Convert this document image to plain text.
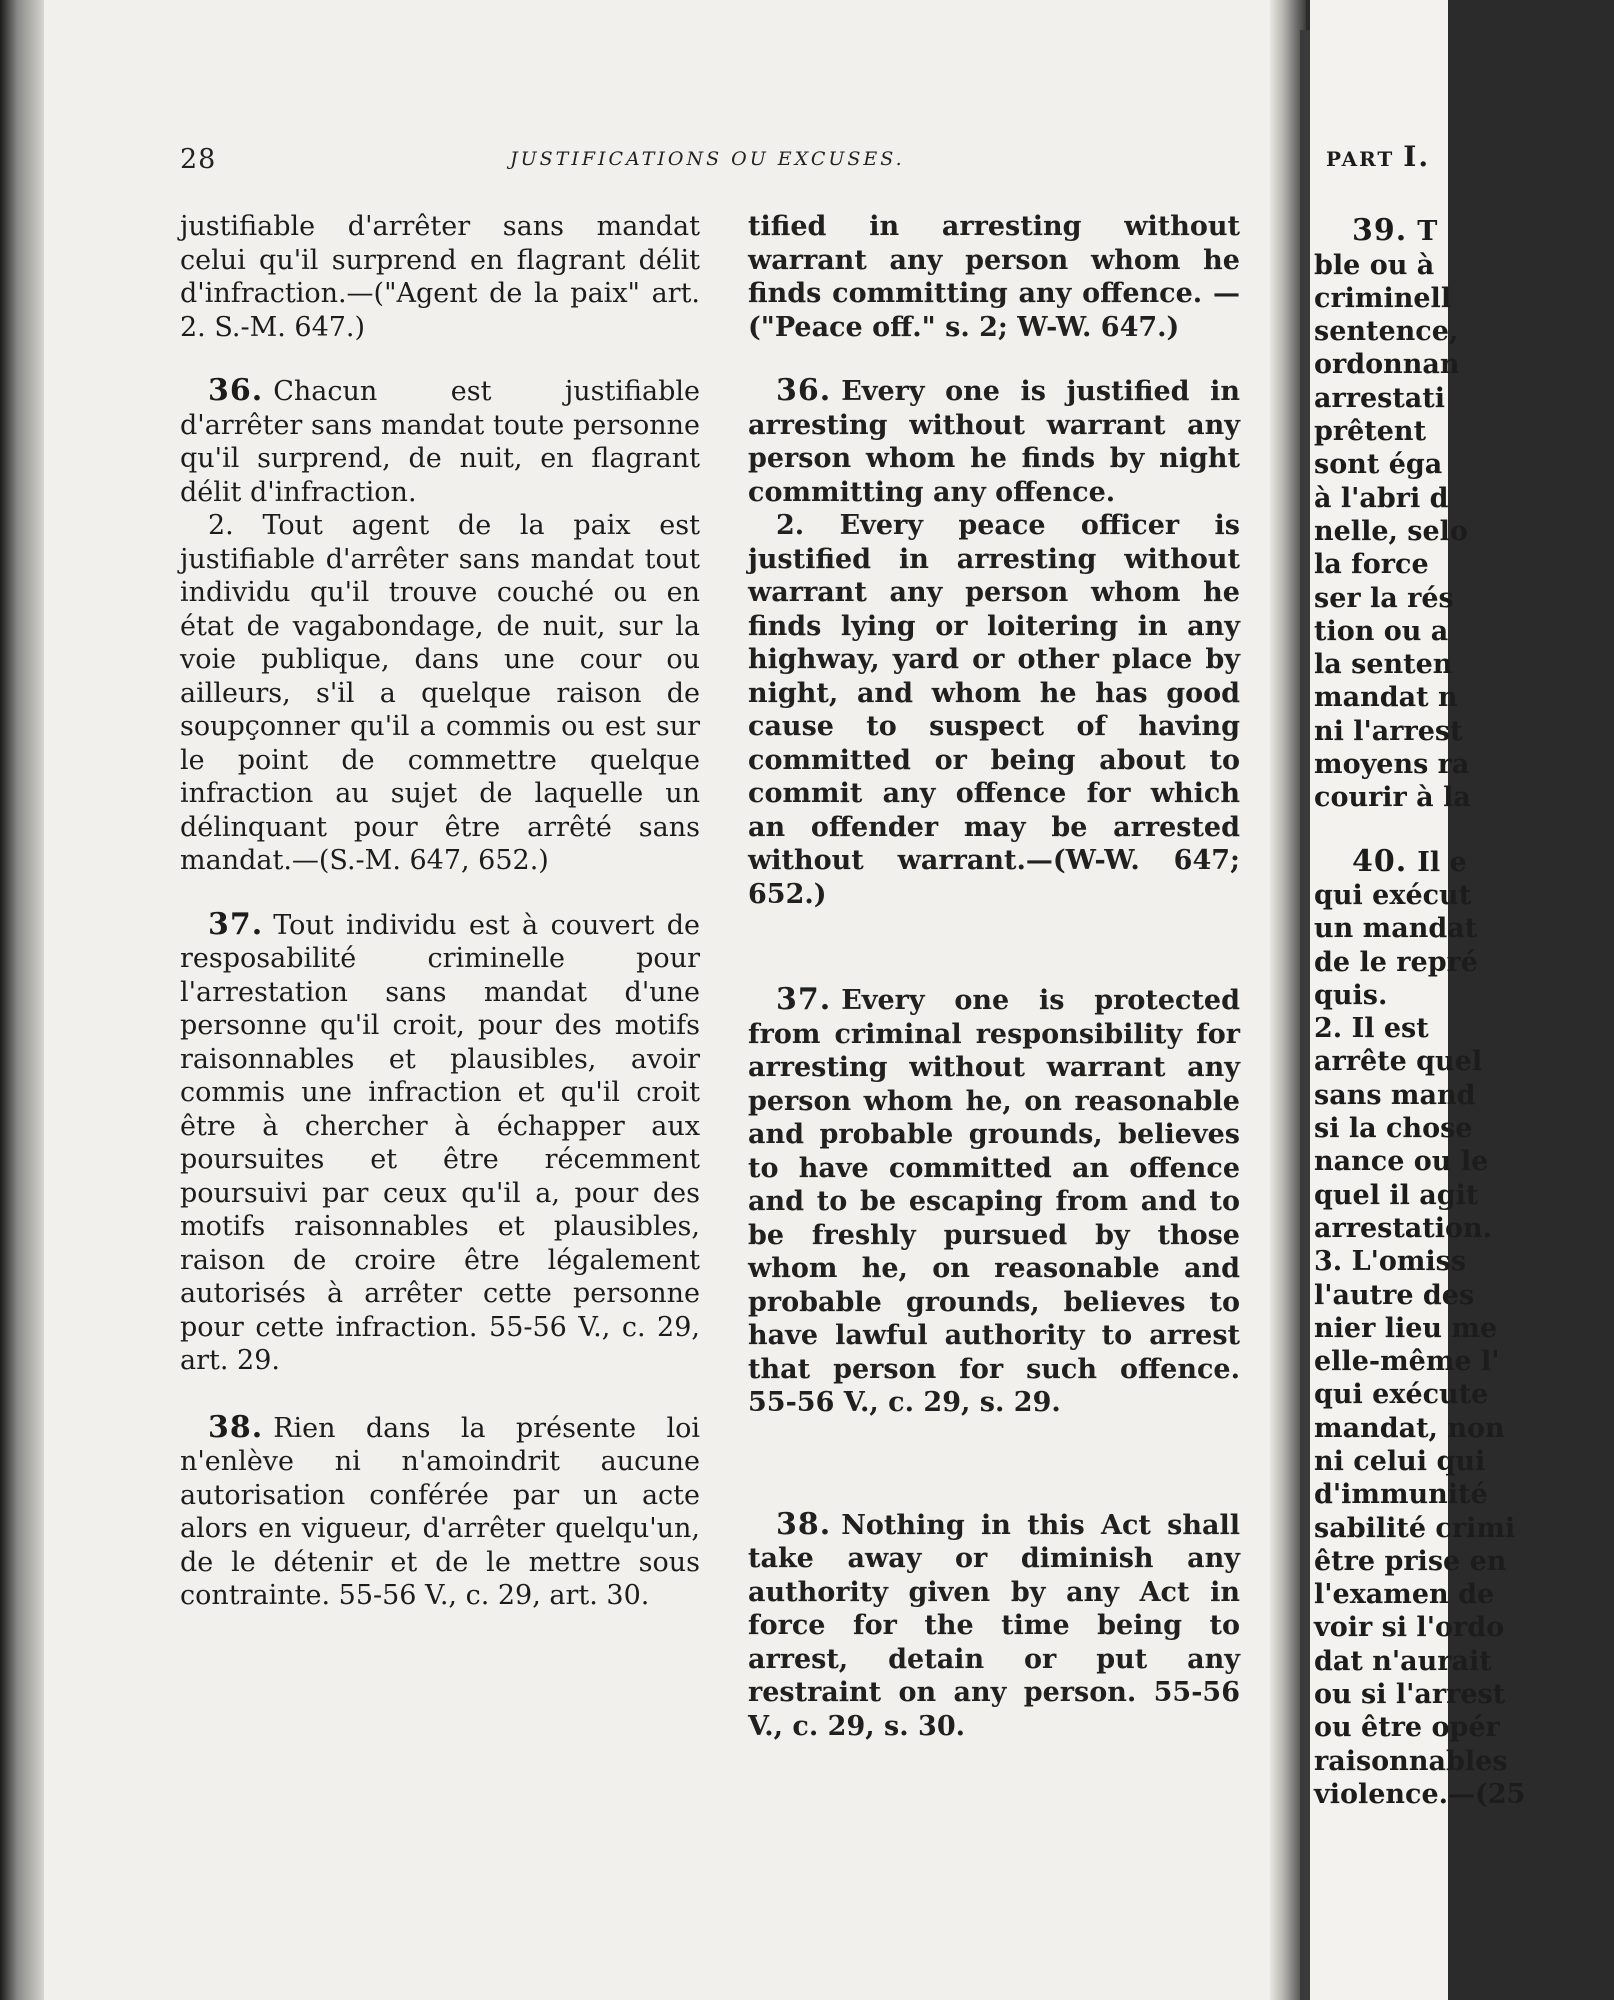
28	JUSTIFICATIONS OU EXCUSES.

justifiable d'arrêter sans mandat celui qu'il surprend en flagrant délit d'infraction.—("Agent de la paix" art. 2. S.-M. 647.)

36. Chacun est justifiable d'arrêter sans mandat toute personne qu'il surprend, de nuit, en flagrant délit d'infraction.

2. Tout agent de la paix est justifiable d'arrêter sans mandat tout individu qu'il trouve couché ou en état de vagabondage, de nuit, sur la voie publique, dans une cour ou ailleurs, s'il a quelque raison de soupçonner qu'il a commis ou est sur le point de commettre quelque infraction au sujet de laquelle un délinquant pour être arrêté sans mandat.—(S.-M. 647, 652.)

37. Tout individu est à couvert de resposabilité criminelle pour l'arrestation sans mandat d'une personne qu'il croit, pour des motifs raisonnables et plausibles, avoir commis une infraction et qu'il croit être à chercher à échapper aux poursuites et être récemment poursuivi par ceux qu'il a, pour des motifs raisonnables et plausibles, raison de croire être légalement autorisés à arrêter cette personne pour cette infraction. 55-56 V., c. 29, art. 29.

38. Rien dans la présente loi n'enlève ni n'amoindrit aucune autorisation conférée par un acte alors en vigueur, d'arrêter quelqu'un, de le détenir et de le mettre sous contrainte. 55-56 V., c. 29, art. 30.

tified in arresting without warrant any person whom he finds committing any offence. —("Peace off." s. 2; W-W. 647.)

36. Every one is justified in arresting without warrant any person whom he finds by night committing any offence.

2. Every peace officer is justified in arresting without warrant any person whom he finds lying or loitering in any highway, yard or other place by night, and whom he has good cause to suspect of having committed or being about to commit any offence for which an offender may be arrested without warrant.—(W-W. 647; 652.)

37. Every one is protected from criminal responsibility for arresting without warrant any person whom he, on reasonable and probable grounds, believes to have committed an offence and to be escaping from and to be freshly pursued by those whom he, on reasonable and probable grounds, believes to have lawful authority to arrest that person for such offence. 55-56 V., c. 29, s. 29.

38. Nothing in this Act shall take away or diminish any authority given by any Act in force for the time being to arrest, detain or put any restraint on any person. 55-56 V., c. 29, s. 30.

PART I.
39. T
ble ou à
criminell
sentence,
ordonnan
arrestati
prêtent
sont éga
à l'abri d
nelle, selo
la force
ser la rés
tion ou a
la senten
mandat n
ni l'arrest
moyens ra
courir à la
40. Il e
qui exécut
un mandat
de le repré
quis.
2. Il est
arrête quel
sans mand
si la chose
nance ou le
quel il agit
arrestation.
3. L'omiss
l'autre des
nier lieu me
elle-même l'
qui exécute
mandat, non
ni celui qui
d'immunité
sabilité crimi
être prise en
l'examen de
voir si l'ordo
dat n'aurait
ou si l'arrest
ou être opér
raisonnables
violence.—(25
